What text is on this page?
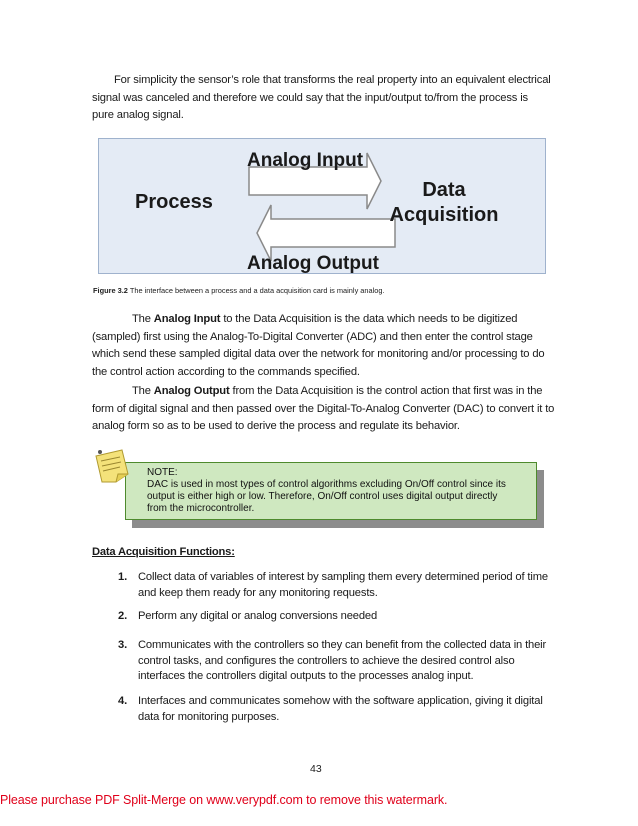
For simplicity the sensor’s role that transforms the real property into an equivalent electrical
signal was canceled and therefore we could say that the input/output to/from the process is
pure analog signal.
Analog Input
Analog Output
Process
Data
Acquisition
Figure 3.2 The interface between a process and a data acquisition card is mainly analog.
The Analog Input to the Data Acquisition is the data which needs to be digitized
(sampled) first using the Analog-To-Digital Converter (ADC) and then enter the control stage
which send these sampled digital data over the network for monitoring and/or processing to do
the control action according to the commands specified.
The Analog Output from the Data Acquisition is the control action that first was in the
form of digital signal and then passed over the Digital-To-Analog Converter (DAC) to convert it to
analog form so as to be used to derive the process and regulate its behavior.
NOTE:
DAC is used in most types of control algorithms excluding On/Off control since its
output is either high or low. Therefore, On/Off control uses digital output directly
from the microcontroller.
Data Acquisition Functions:
1. Collect data of variables of interest by sampling them every determined period of time
and keep them ready for any monitoring requests.
2. Perform any digital or analog conversions needed
3. Communicates with the controllers so they can benefit from the collected data in their
control tasks, and configures the controllers to achieve the desired control also
interfaces the controllers digital outputs to the processes analog input.
4. Interfaces and communicates somehow with the software application, giving it digital
data for monitoring purposes.
43
Please purchase PDF Split-Merge on www.verypdf.com to remove this watermark.
